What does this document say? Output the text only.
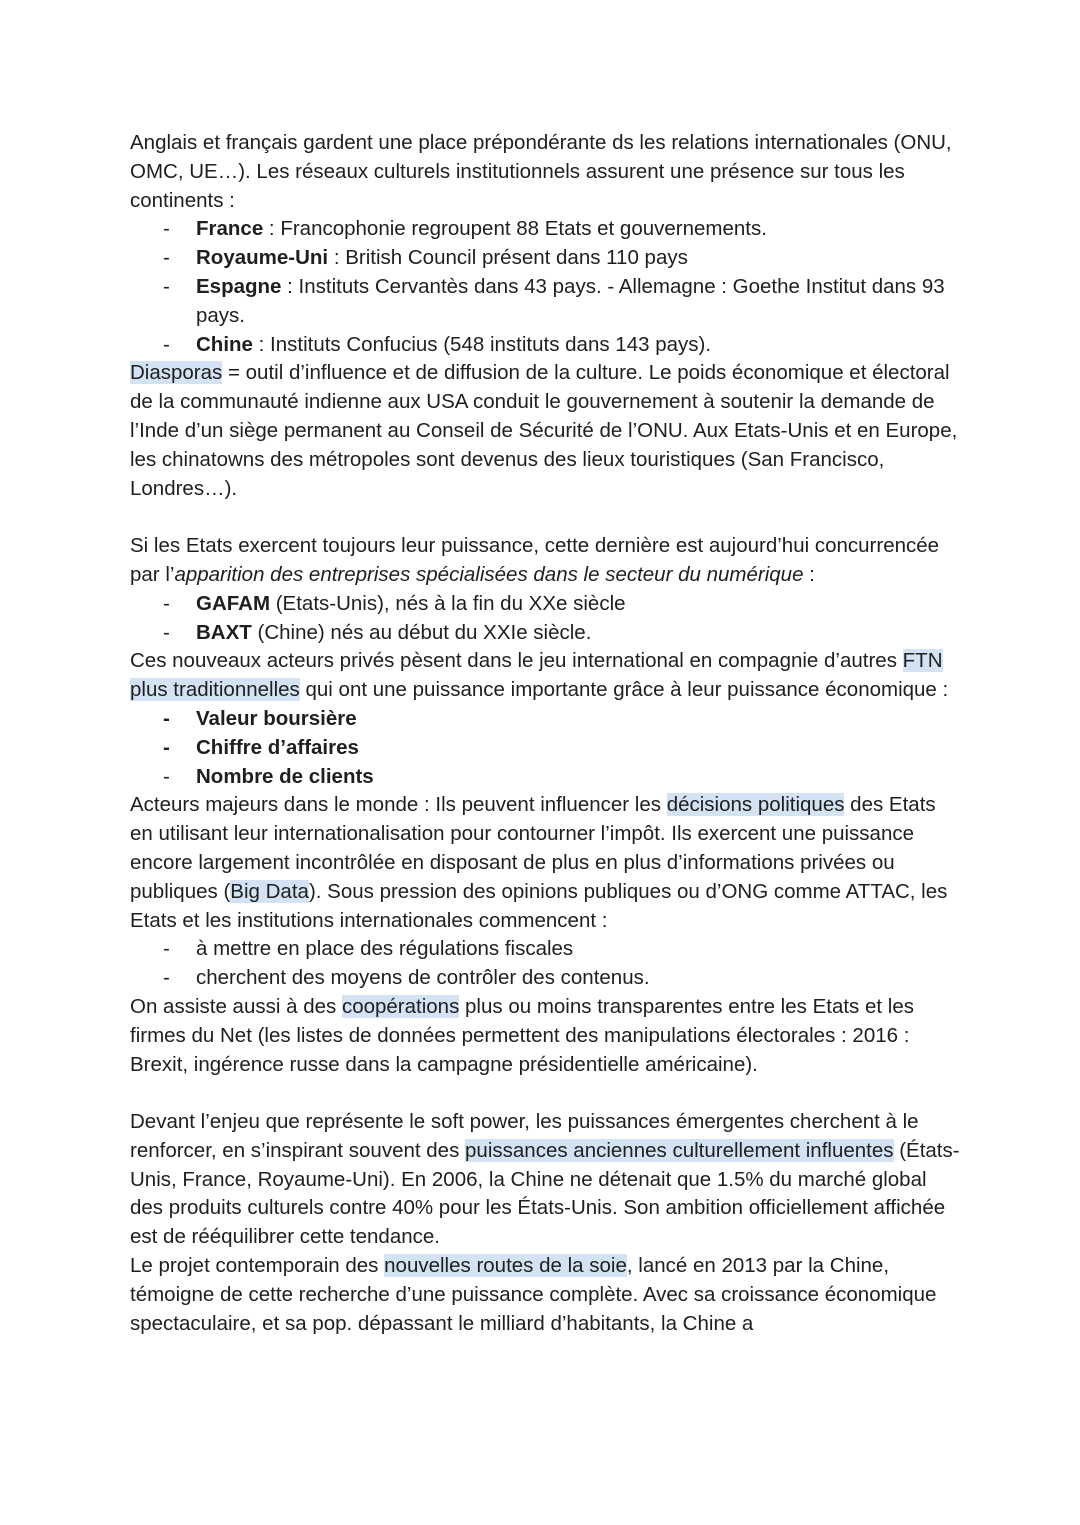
Anglais et français gardent une place prépondérante ds les relations internationales (ONU, OMC, UE…). Les réseaux culturels institutionnels assurent une présence sur tous les continents :

- France : Francophonie regroupent 88 Etats et gouvernements.
- Royaume-Uni : British Council présent dans 110 pays
- Espagne : Instituts Cervantès dans 43 pays. - Allemagne : Goethe Institut dans 93 pays.
- Chine : Instituts Confucius (548 instituts dans 143 pays).

Diasporas = outil d’influence et de diffusion de la culture. Le poids économique et électoral de la communauté indienne aux USA conduit le gouvernement à soutenir la demande de l’Inde d’un siège permanent au Conseil de Sécurité de l’ONU. Aux Etats-Unis et en Europe, les chinatowns des métropoles sont devenus des lieux touristiques (San Francisco, Londres…).

Si les Etats exercent toujours leur puissance, cette dernière est aujourd’hui concurrencée par l’apparition des entreprises spécialisées dans le secteur du numérique :

- GAFAM (Etats-Unis), nés à la fin du XXe siècle
- BAXT (Chine) nés au début du XXIe siècle.

Ces nouveaux acteurs privés pèsent dans le jeu international en compagnie d’autres FTN plus traditionnelles qui ont une puissance importante grâce à leur puissance économique :

- Valeur boursière
- Chiffre d’affaires
- Nombre de clients

Acteurs majeurs dans le monde : Ils peuvent influencer les décisions politiques des Etats en utilisant leur internationalisation pour contourner l’impôt. Ils exercent une puissance encore largement incontrôlée en disposant de plus en plus d’informations privées ou publiques (Big Data). Sous pression des opinions publiques ou d’ONG comme ATTAC, les Etats et les institutions internationales commencent :

- à mettre en place des régulations fiscales
- cherchent des moyens de contrôler des contenus.

On assiste aussi à des coopérations plus ou moins transparentes entre les Etats et les firmes du Net (les listes de données permettent des manipulations électorales : 2016 : Brexit, ingérence russe dans la campagne présidentielle américaine).

Devant l’enjeu que représente le soft power, les puissances émergentes cherchent à le renforcer, en s’inspirant souvent des puissances anciennes culturellement influentes (États-Unis, France, Royaume-Uni). En 2006, la Chine ne détenait que 1.5% du marché global des produits culturels contre 40% pour les États-Unis. Son ambition officiellement affichée est de rééquilibrer cette tendance.

Le projet contemporain des nouvelles routes de la soie, lancé en 2013 par la Chine, témoigne de cette recherche d’une puissance complète. Avec sa croissance économique spectaculaire, et sa pop. dépassant le milliard d’habitants, la Chine a
